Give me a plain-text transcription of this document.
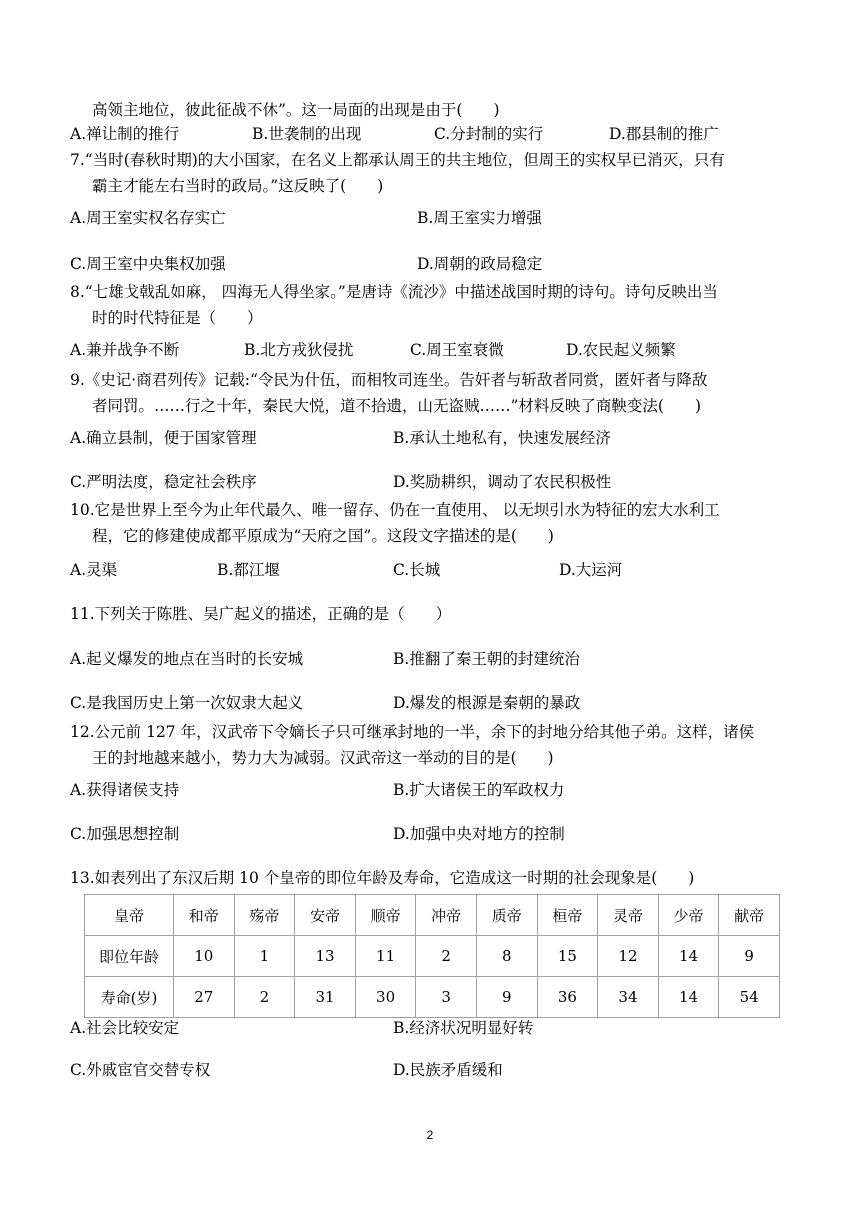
高领主地位，彼此征战不休”。这一局面的出现是由于(　　)
A.禅让制的推行	B.世袭制的出现	C.分封制的实行	D.郡县制的推广
7.“当时(春秋时期)的大小国家，在名义上都承认周王的共主地位，但周王的实权早已消灭，只有
霸主才能左右当时的政局。”这反映了(　　)
A.周王室实权名存实亡	B.周王室实力增强
C.周王室中央集权加强	D.周朝的政局稳定
8.“七雄戈戟乱如麻， 四海无人得坐家。”是唐诗《流沙》中描述战国时期的诗句。诗句反映出当
时的时代特征是（　　）
A.兼并战争不断	B.北方戎狄侵扰	C.周王室衰微	D.农民起义频繁
9.《史记·商君列传》记载:“令民为什伍，而相牧司连坐。告奸者与斩敌者同赏，匿奸者与降敌
者同罚。……行之十年，秦民大悦，道不拾遗，山无盗贼……”材料反映了商鞅变法(　　)
A.确立县制，便于国家管理	B.承认土地私有，快速发展经济
C.严明法度，稳定社会秩序	D.奖励耕织，调动了农民积极性
10.它是世界上至今为止年代最久、唯一留存、仍在一直使用、 以无坝引水为特征的宏大水利工
程，它的修建使成都平原成为“天府之国”。这段文字描述的是(　　)
A.灵渠	B.都江堰	C.长城	D.大运河
11.下列关于陈胜、吴广起义的描述，正确的是（　　）
A.起义爆发的地点在当时的长安城	B.推翻了秦王朝的封建统治
C.是我国历史上第一次奴隶大起义	D.爆发的根源是秦朝的暴政
12.公元前 127 年，汉武帝下令嫡长子只可继承封地的一半，余下的封地分给其他子弟。这样，诸侯
王的封地越来越小，势力大为减弱。汉武帝这一举动的目的是(　　)
A.获得诸侯支持	B.扩大诸侯王的军政权力
C.加强思想控制	D.加强中央对地方的控制
13.如表列出了东汉后期 10 个皇帝的即位年龄及寿命，它造成这一时期的社会现象是(　　)
皇帝	和帝	殇帝	安帝	顺帝	冲帝	质帝	桓帝	灵帝	少帝	献帝
即位年龄	10	1	13	11	2	8	15	12	14	9
寿命(岁)	27	2	31	30	3	9	36	34	14	54
A.社会比较安定	B.经济状况明显好转
C.外戚宦官交替专权	D.民族矛盾缓和
2
